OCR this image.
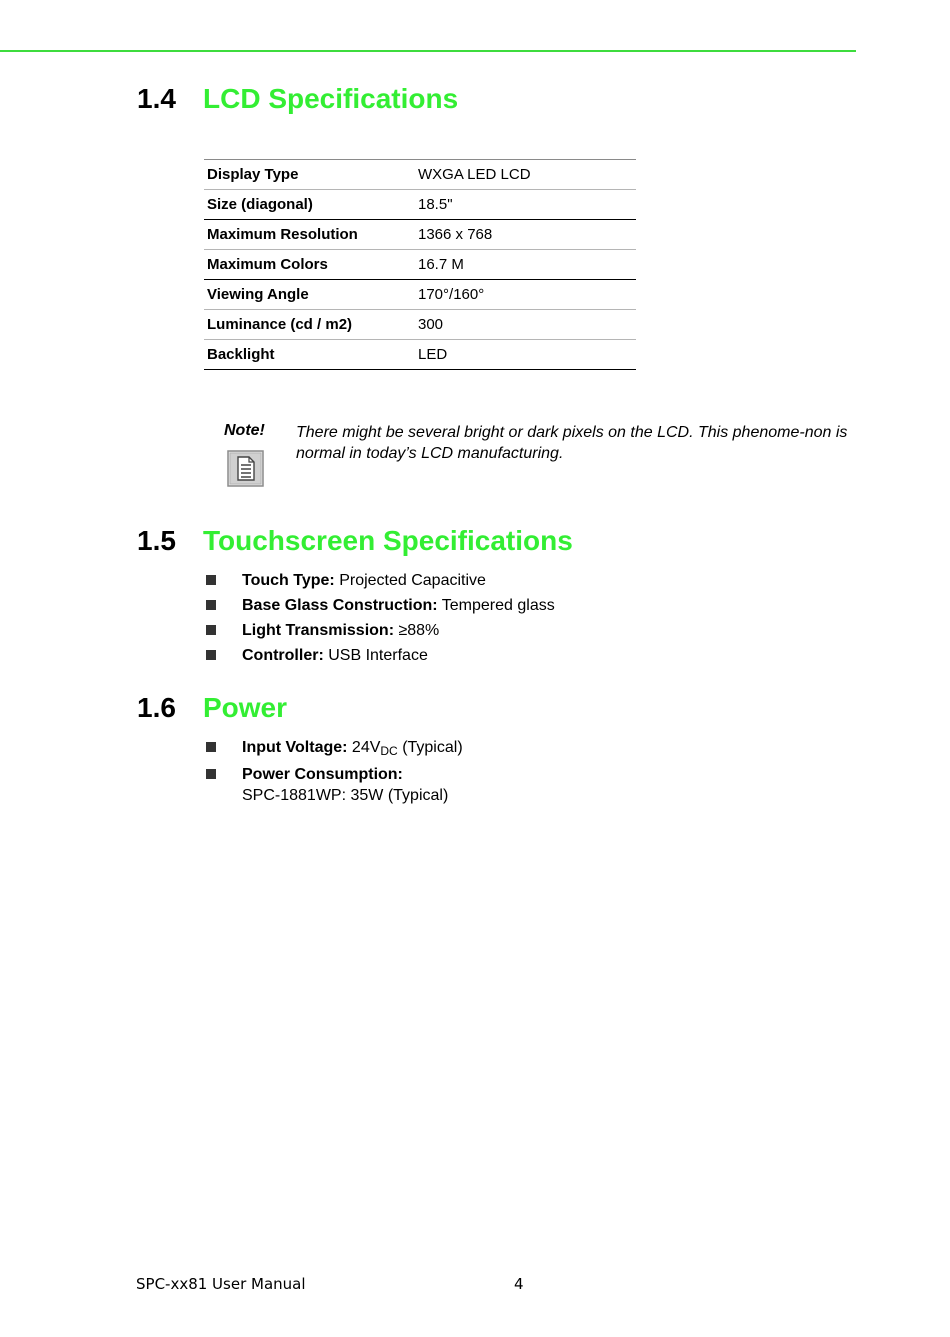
1.4 LCD Specifications
Display Type	WXGA LED LCD
Size (diagonal)	18.5"
Maximum Resolution	1366 x 768
Maximum Colors	16.7 M
Viewing Angle	170°/160°
Luminance (cd / m2)	300
Backlight	LED
Note! There might be several bright or dark pixels on the LCD. This phenome-non is normal in today’s LCD manufacturing.

1.5 Touchscreen Specifications
Touch Type: Projected Capacitive
Base Glass Construction: Tempered glass
Light Transmission: ≥88%
Controller: USB Interface
1.6 Power
Input Voltage: $24V_{DC}$ (Typical)
Power Consumption:
SPC-1881WP: 35W (Typical)
SPC-xx81 User Manual	4
